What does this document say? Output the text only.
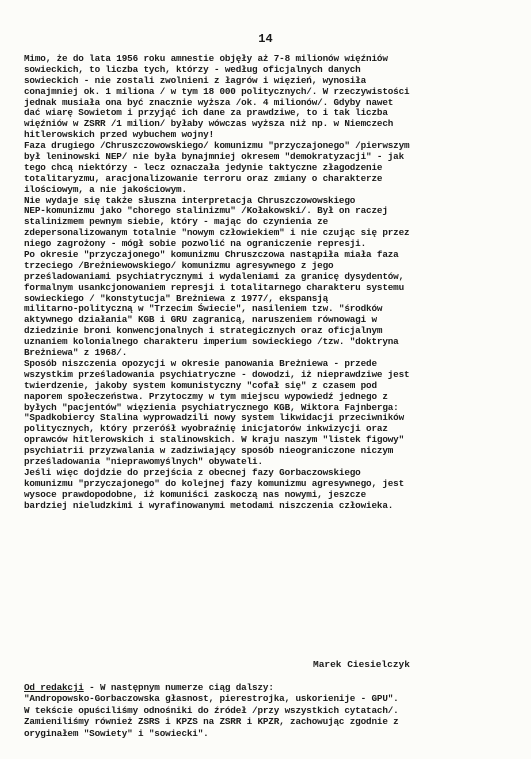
14
Mimo, że do lata 1956 roku amnestie objęły aż 7-8 milionów więźniów
sowieckich, to liczba tych, którzy - według oficjalnych danych
sowieckich - nie zostali zwolnieni z łagrów i więzień, wynosiła
conajmniej ok. 1 miliona / w tym 18 000 politycznych/. W rzeczywistości
jednak musiała ona być znacznie wyższa /ok. 4 milionów/. Gdyby nawet
dać wiarę Sowietom i przyjąć ich dane za prawdziwe, to i tak liczba
więźniów w ZSRR /1 milion/ byłaby wówczas wyższa niż np. w Niemczech
hitlerowskich przed wybuchem wojny!
Faza drugiego /Chruszczowowskiego/ komunizmu "przyczajonego" /pierwszym
był leninowski NEP/ nie była bynajmniej okresem "demokratyzacji" - jak
tego chcą niektórzy - lecz oznaczała jedynie taktyczne złagodzenie
totalitaryzmu, aracjonalizowanie terroru oraz zmiany o charakterze
ilościowym, a nie jakościowym.
Nie wydaje się także słuszna interpretacja Chruszczowowskiego
NEP-komunizmu jako "chorego stalinizmu" /Kołakowski/. Był on raczej
stalinizmem pewnym siebie, który - mając do czynienia ze
zdepersonalizowanym totalnie "nowym człowiekiem" i nie czując się przez
niego zagrożony - mógł sobie pozwolić na ograniczenie represji.
Po okresie "przyczajonego" komunizmu Chruszczowa nastąpiła miała faza
trzeciego /Breżniewowskiego/ komunizmu agresywnego z jego
prześladowaniami psychiatrycznymi i wydaleniami za granicę dysydentów,
formalnym usankcjonowaniem represji i totalitarnego charakteru systemu
sowieckiego / "konstytucja" Breżniewa z 1977/, ekspansją
militarno-polityczną w "Trzecim Świecie", nasileniem tzw. "środków
aktywnego działania" KGB i GRU zagranicą, naruszeniem równowagi w
dziedzinie broni konwencjonalnych i strategicznych oraz oficjalnym
uznaniem kolonialnego charakteru imperium sowieckiego /tzw. "doktryna
Breżniewa" z 1968/.
Sposób niszczenia opozycji w okresie panowania Breżniewa - przede
wszystkim prześladowania psychiatryczne - dowodzi, iż nieprawdziwe jest
twierdzenie, jakoby system komunistyczny "cofał się" z czasem pod
naporem społeczeństwa. Przytoczmy w tym miejscu wypowiedź jednego z
byłych "pacjentów" więzienia psychiatrycznego KGB, Wiktora Fajnberga:
"Spadkobiercy Stalina wyprowadzili nowy system likwidacji przeciwników
politycznych, który przeróśł wyobraźnię inicjatorów inkwizycji oraz
oprawców hitlerowskich i stalinowskich. W kraju naszym "listek figowy"
psychiatrii przyzwalania w zadziwiający sposób nieograniczone niczym
prześladowania "nieprawomyślnych" obywateli.
Jeśli więc dojdzie do przejścia z obecnej fazy Gorbaczowskiego
komunizmu "przyczajonego" do kolejnej fazy komunizmu agresywnego, jest
wysoce prawdopodobne, iż komuniści zaskoczą nas nowymi, jeszcze
bardziej nieludzkimi i wyrafinowanymi metodami niszczenia człowieka.
Marek Ciesielczyk
Od redakcji - W następnym numerze ciąg dalszy:
"Andropowsko-Gorbaczowska głasnost, pierestrojka, uskorienije - GPU".
W tekście opuściliśmy odnośniki do źródeł /przy wszystkich cytatach/.
Zamieniliśmy również ZSRS i KPZS na ZSRR i KPZR, zachowując zgodnie z
oryginałem "Sowiety" i "sowiecki".
